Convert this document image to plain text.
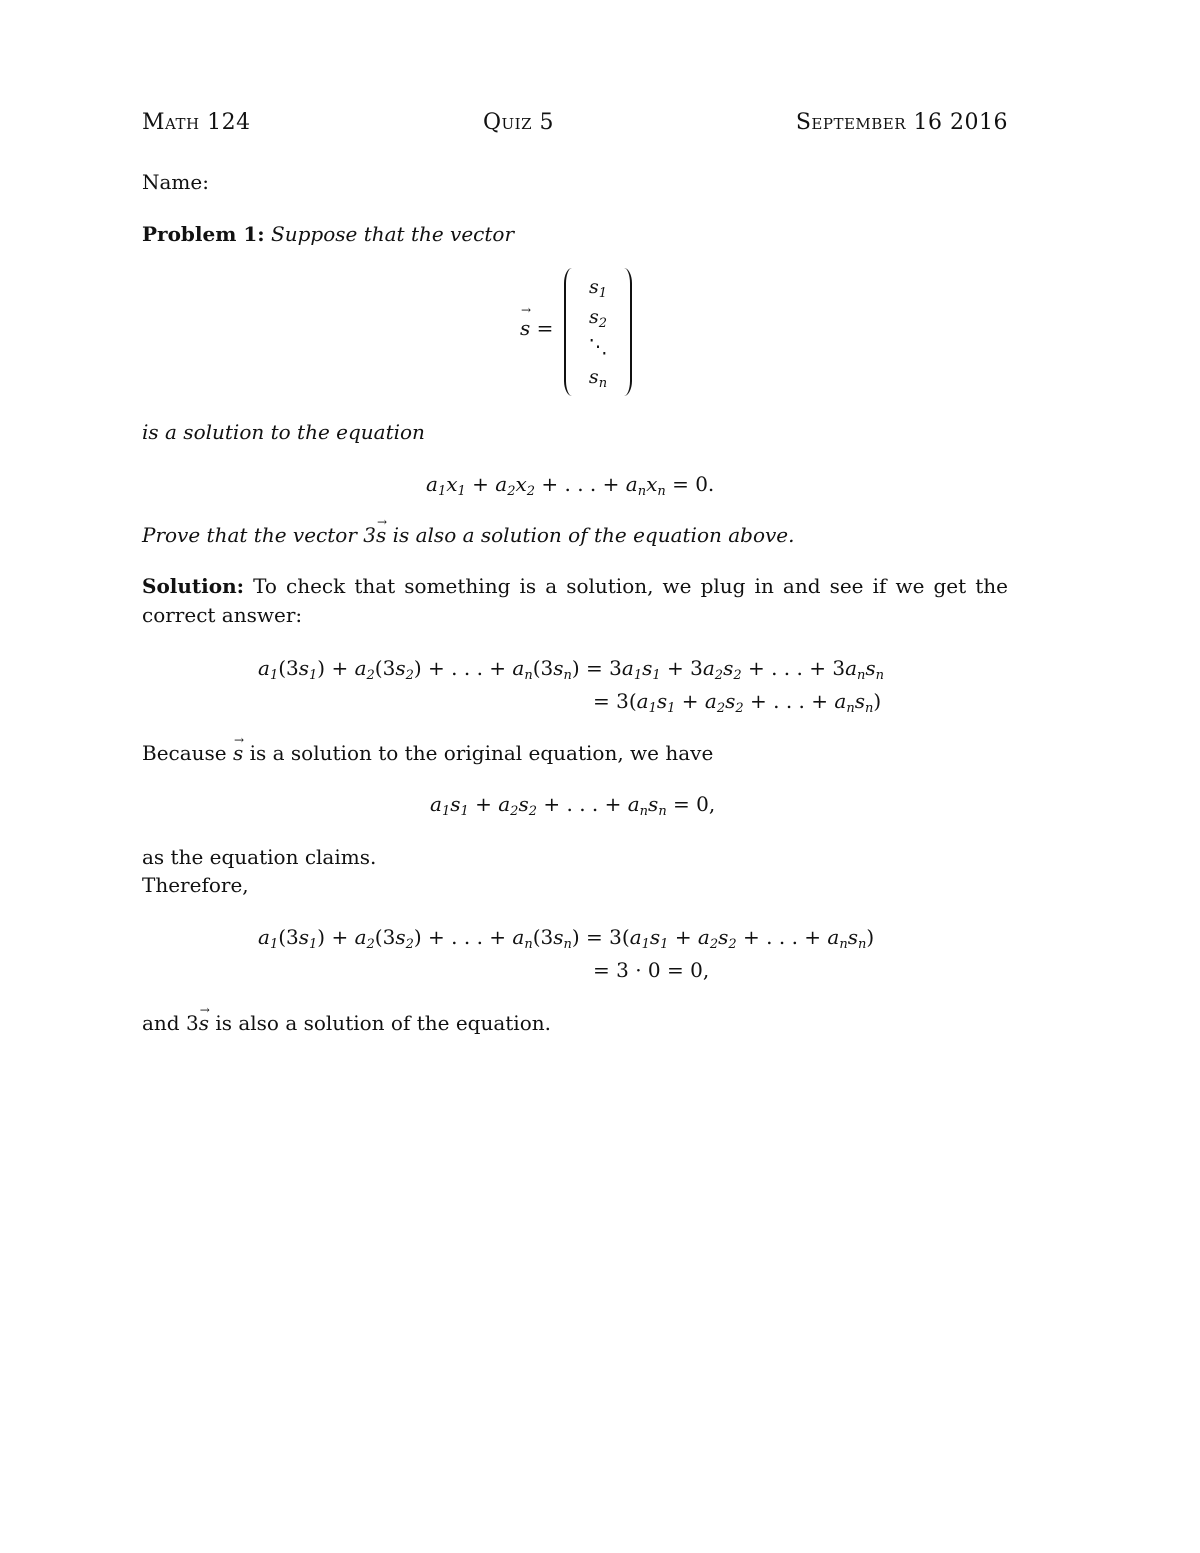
Math 124	Quiz 5	September 16 2016
Name:
Problem 1: Suppose that the vector
→ s =
$s_1$
$s_2$
⋱
$s_n$
is a solution to the equation
$a_1x_1 + a_2x_2$ + . . . + $a_nx_n = 0$.
Prove that the vector 3→ s is also a solution of the equation above.
Solution: To check that something is a solution, we plug in and see if we get the correct answer:
$a_1(3s_1) + a_2(3s_2)$ + . . . + $a_n(3s_n) = 3a_1s_1 + 3a_2s_2$ + . . . + $3a_ns_n$
= $3(a_1s_1 + a_2s_2$ + . . . + $a_ns_n$)
Because → s is a solution to the original equation, we have
$a_1s_1 + a_2s_2$ + . . . + $a_ns_n = 0$,
as the equation claims.
Therefore,
$a_1(3s_1) + a_2(3s_2)$ + . . . + $a_n(3s_n) = 3(a_1s_1 + a_2s_2$ + . . . + $a_ns_n$)
= 3 · 0 = 0,
and 3→ s is also a solution of the equation.
